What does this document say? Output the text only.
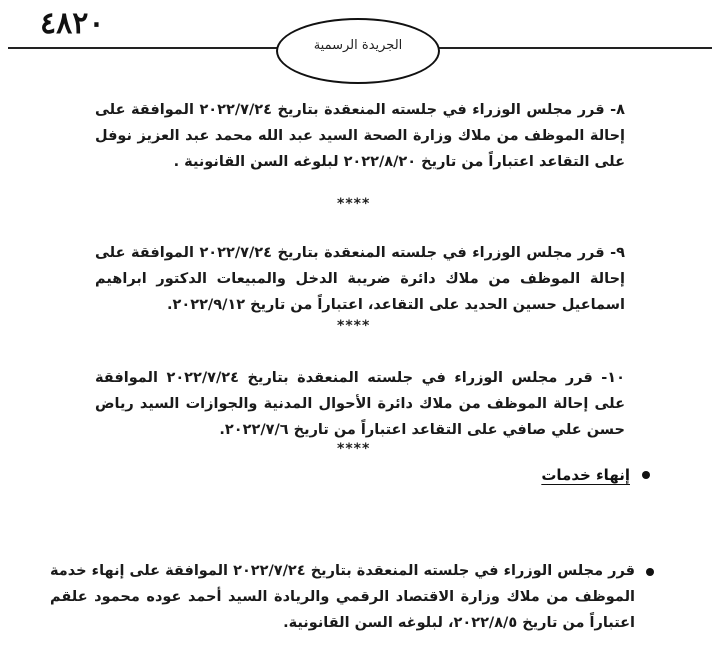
٤٨٢٠
الجريدة الرسمية
٨- قرر مجلس الوزراء في جلسته المنعقدة بتاريخ ٢٠٢٢/٧/٢٤ الموافقة على إحالة الموظف من ملاك وزارة الصحة السيد عبد الله محمد عبد العزيز نوفل على التقاعد اعتباراً من تاريخ ٢٠٢٢/٨/٢٠ لبلوغه السن القانونية .
****
٩- قرر مجلس الوزراء في جلسته المنعقدة بتاريخ ٢٠٢٢/٧/٢٤ الموافقة على إحالة الموظف من ملاك دائرة ضريبة الدخل والمبيعات الدكتور ابراهيم اسماعيل حسين الحديد على التقاعد، اعتباراً من تاريخ ٢٠٢٢/٩/١٢.
****
١٠- قرر مجلس الوزراء في جلسته المنعقدة بتاريخ ٢٠٢٢/٧/٢٤ الموافقة على إحالة الموظف من ملاك دائرة الأحوال المدنية والجوازات السيد رياض حسن علي صافي على التقاعد اعتباراً من تاريخ ٢٠٢٢/٧/٦.
****
إنهاء خدمات
قرر مجلس الوزراء في جلسته المنعقدة بتاريخ ٢٠٢٢/٧/٢٤ الموافقة على إنهاء خدمة الموظف من ملاك وزارة الاقتصاد الرقمي والريادة السيد أحمد عوده محمود علقم اعتباراً من تاريخ ٢٠٢٢/٨/٥، لبلوغه السن القانونية.
